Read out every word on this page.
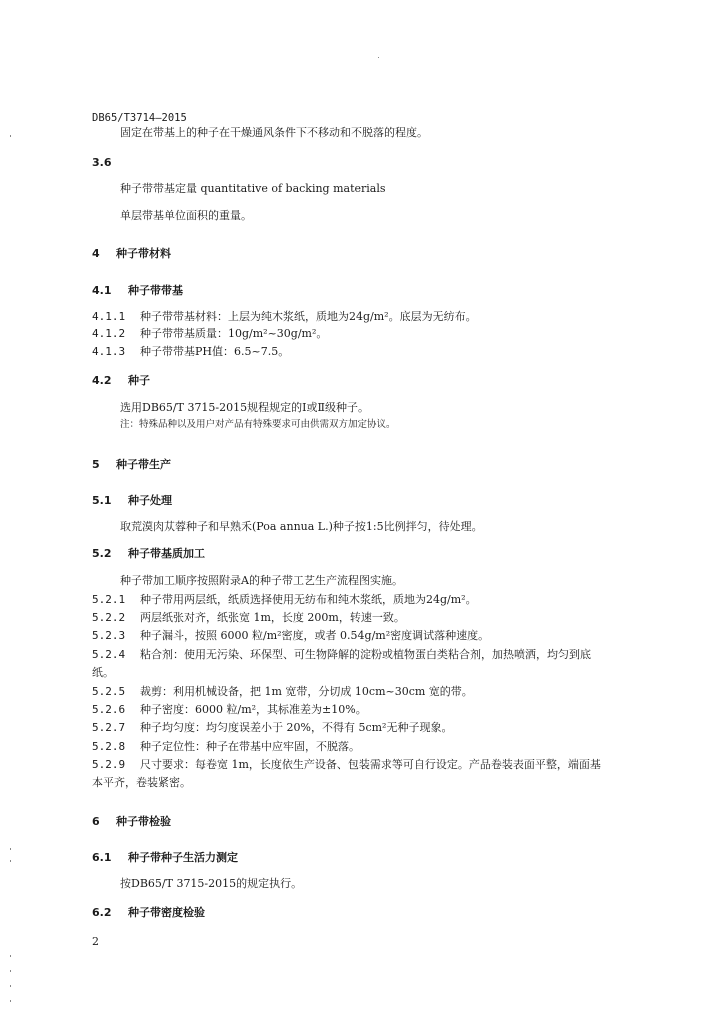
DB65/T3714—2015
固定在带基上的种子在干燥通风条件下不移动和不脱落的程度。
3.6
种子带带基定量 quantitative of backing materials
单层带基单位面积的重量。
4 种子带材料
4.1 种子带带基
4.1.1 种子带带基材料：上层为纯木浆纸，质地为24g/m²。底层为无纺布。
4.1.2 种子带带基质量：10g/m²~30g/m²。
4.1.3 种子带带基PH值：6.5~7.5。
4.2 种子
选用DB65/T 3715-2015规程规定的Ⅰ或Ⅱ级种子。
注：特殊品种以及用户对产品有特殊要求可由供需双方加定协议。
5 种子带生产
5.1 种子处理
取荒漠肉苁蓉种子和早熟禾(Poa annua L.)种子按1:5比例拌匀，待处理。
5.2 种子带基质加工
种子带加工顺序按照附录A的种子带工艺生产流程图实施。
5.2.1 种子带用两层纸，纸质选择使用无纺布和纯木浆纸，质地为24g/m²。
5.2.2 两层纸张对齐，纸张宽 1m，长度 200m，转速一致。
5.2.3 种子漏斗，按照 6000 粒/m²密度，或者 0.54g/m²密度调试落种速度。
5.2.4 粘合剂：使用无污染、环保型、可生物降解的淀粉或植物蛋白类粘合剂，加热喷洒，均匀到底
纸。
5.2.5 裁剪：利用机械设备，把 1m 宽带，分切成 10cm~30cm 宽的带。
5.2.6 种子密度：6000 粒/m²，其标准差为±10%。
5.2.7 种子均匀度：均匀度误差小于 20%，不得有 5cm²无种子现象。
5.2.8 种子定位性：种子在带基中应牢固，不脱落。
5.2.9 尺寸要求：每卷宽 1m，长度依生产设备、包装需求等可自行设定。产品卷装表面平整，端面基
本平齐，卷装紧密。
6 种子带检验
6.1 种子带种子生活力测定
按DB65/T 3715-2015的规定执行。
6.2 种子带密度检验
2
